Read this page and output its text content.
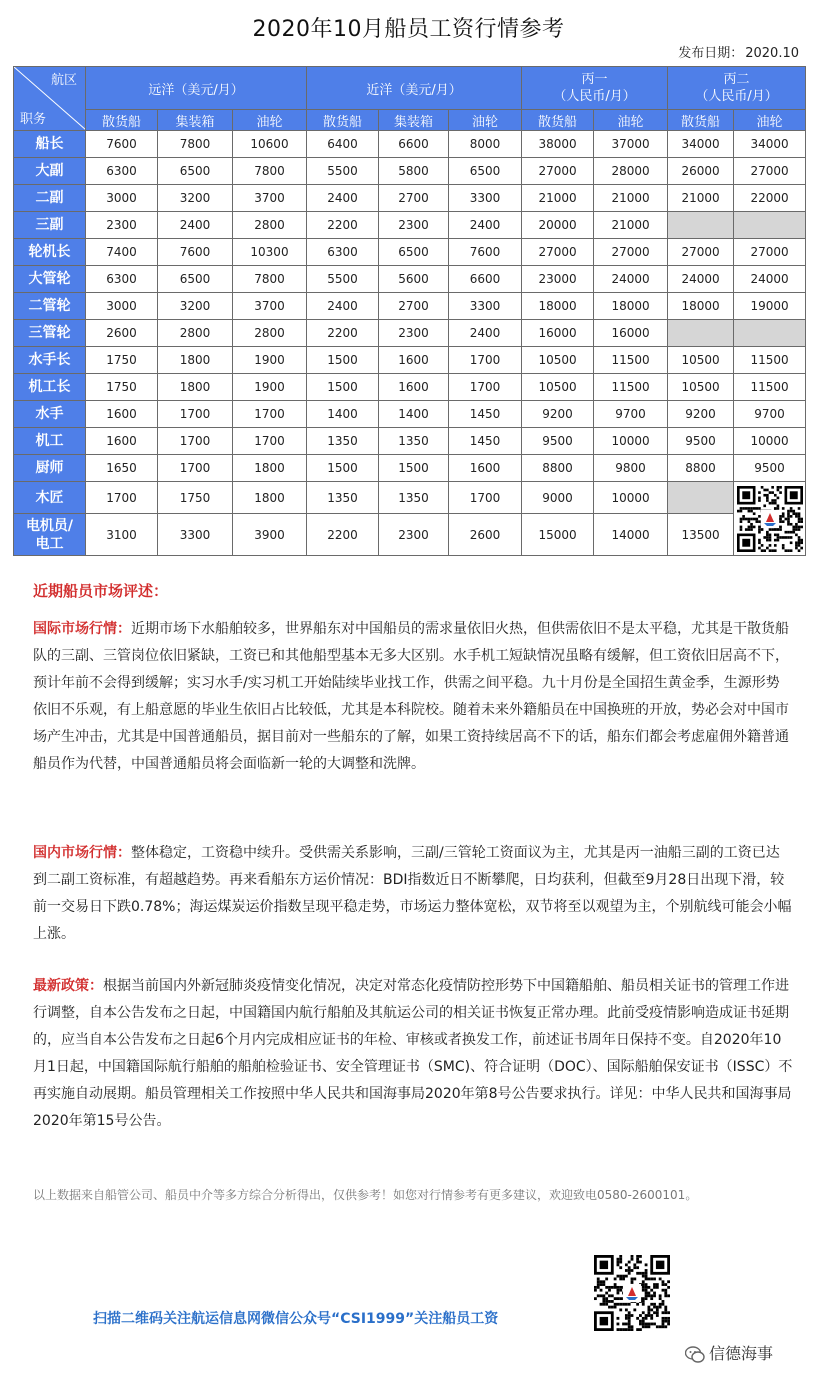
2020年10月船员工资行情参考
发布日期： 2020.10
航区
职务	远洋（美元/月）			近洋（美元/月）			丙一
（人民币/月）		丙二
（人民币/月）	
	散货船	集装箱	油轮	散货船	集装箱	油轮	散货船	油轮	散货船	油轮
船长	7600	7800	10600	6400	6600	8000	38000	37000	34000	34000
大副	6300	6500	7800	5500	5800	6500	27000	28000	26000	27000
二副	3000	3200	3700	2400	2700	3300	21000	21000	21000	22000
三副	2300	2400	2800	2200	2300	2400	20000	21000		
轮机长	7400	7600	10300	6300	6500	7600	27000	27000	27000	27000
大管轮	6300	6500	7800	5500	5600	6600	23000	24000	24000	24000
二管轮	3000	3200	3700	2400	2700	3300	18000	18000	18000	19000
三管轮	2600	2800	2800	2200	2300	2400	16000	16000		
水手长	1750	1800	1900	1500	1600	1700	10500	11500	10500	11500
机工长	1750	1800	1900	1500	1600	1700	10500	11500	10500	11500
水手	1600	1700	1700	1400	1400	1450	9200	9700	9200	9700
机工	1600	1700	1700	1350	1350	1450	9500	10000	9500	10000
厨师	1650	1700	1800	1500	1500	1600	8800	9800	8800	9500
木匠	1700	1750	1800	1350	1350	1700	9000	10000		

电机员/
电工	3100	3300	3900	2200	2300	2600	15000	14000	13500	
近期船员市场评述：
国际市场行情：近期市场下水船舶较多，世界船东对中国船员的需求量依旧火热，但供需依旧不是太平稳，尤其是干散货船队的三副、三管岗位依旧紧缺，工资已和其他船型基本无多大区别。水手机工短缺情况虽略有缓解，但工资依旧居高不下，预计年前不会得到缓解；实习水手/实习机工开始陆续毕业找工作，供需之间平稳。九十月份是全国招生黄金季，生源形势依旧不乐观，有上船意愿的毕业生依旧占比较低，尤其是本科院校。随着未来外籍船员在中国换班的开放，势必会对中国市场产生冲击，尤其是中国普通船员，据目前对一些船东的了解，如果工资持续居高不下的话，船东们都会考虑雇佣外籍普通船员作为代替，中国普通船员将会面临新一轮的大调整和洗牌。
国内市场行情：整体稳定，工资稳中续升。受供需关系影响，三副/三管轮工资面议为主，尤其是丙一油船三副的工资已达到二副工资标准，有超越趋势。再来看船东方运价情况：BDI指数近日不断攀爬，日均获利，但截至9月28日出现下滑，较前一交易日下跌0.78%；海运煤炭运价指数呈现平稳走势，市场运力整体宽松，双节将至以观望为主，个别航线可能会小幅上涨。
最新政策：根据当前国内外新冠肺炎疫情变化情况，决定对常态化疫情防控形势下中国籍船舶、船员相关证书的管理工作进行调整，自本公告发布之日起，中国籍国内航行船舶及其航运公司的相关证书恢复正常办理。此前受疫情影响造成证书延期的，应当自本公告发布之日起6个月内完成相应证书的年检、审核或者换发工作，前述证书周年日保持不变。自2020年10月1日起，中国籍国际航行船舶的船舶检验证书、安全管理证书（SMC)、符合证明（DOC）、国际船舶保安证书（ISSC）不再实施自动展期。船员管理相关工作按照中华人民共和国海事局2020年第8号公告要求执行。详见：中华人民共和国海事局2020年第15号公告。
以上数据来自船管公司、船员中介等多方综合分析得出，仅供参考！如您对行情参考有更多建议，欢迎致电0580-2600101。
扫描二维码关注航运信息网微信公众号“CSI1999”关注船员工资
信德海事
